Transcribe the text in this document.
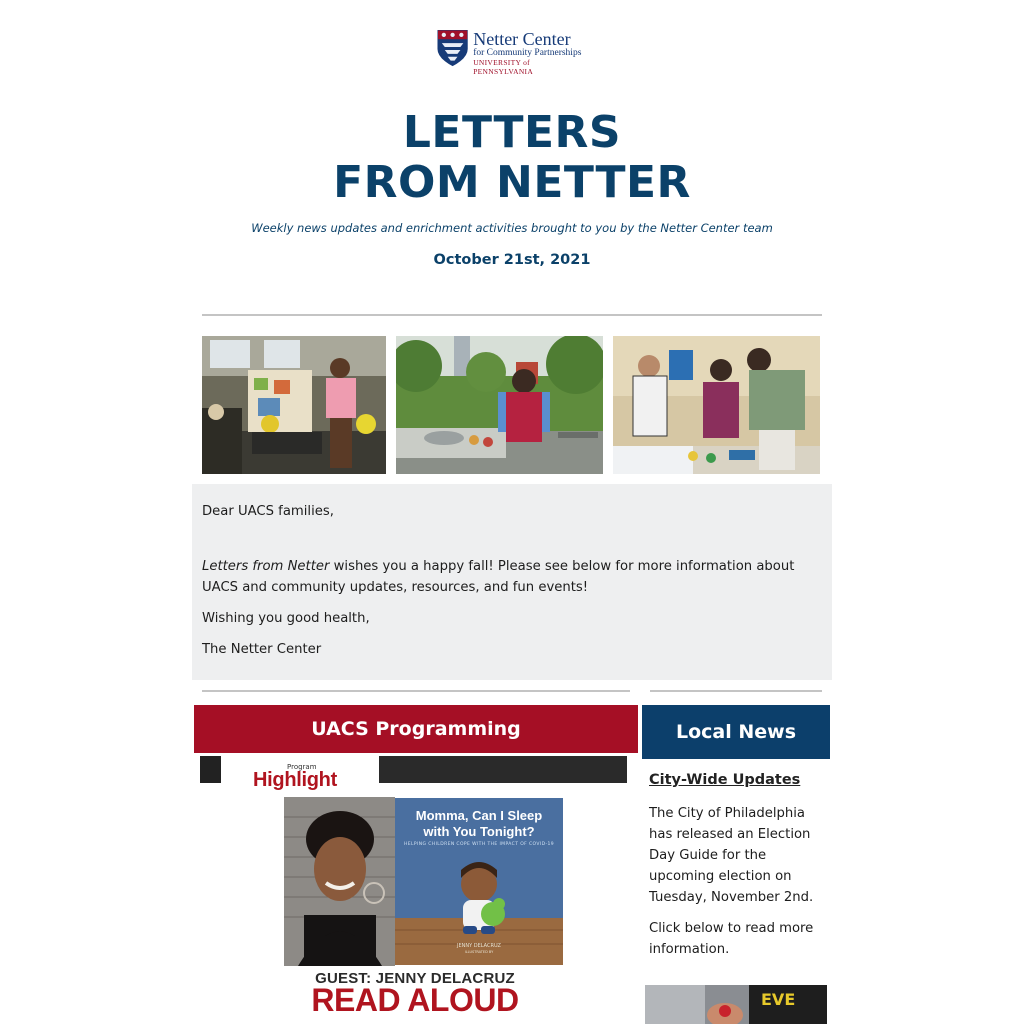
Netter Center
for Community Partnerships
UNIVERSITY of PENNSYLVANIA
LETTERS
FROM NETTER
Weekly news updates and enrichment activities brought to you by the Netter Center team
October 21st, 2021

Dear UACS families,

Letters from Netter wishes you a happy fall! Please see below for more information about UACS and community updates, resources, and fun events!

Wishing you good health,

The Netter Center

UACS Programming	Local News
Program
Highlight
Momma, Can I Sleep with You Tonight?
HELPING CHILDREN COPE WITH THE IMPACT OF COVID-19
JENNY DELACRUZ
ILLUSTRATED BY
GUEST: JENNY DELACRUZ
READ ALOUD
City-Wide Updates

The City of Philadelphia has released an Election Day Guide for the upcoming election on Tuesday, November 2nd.

Click below to read more information.

EVE
